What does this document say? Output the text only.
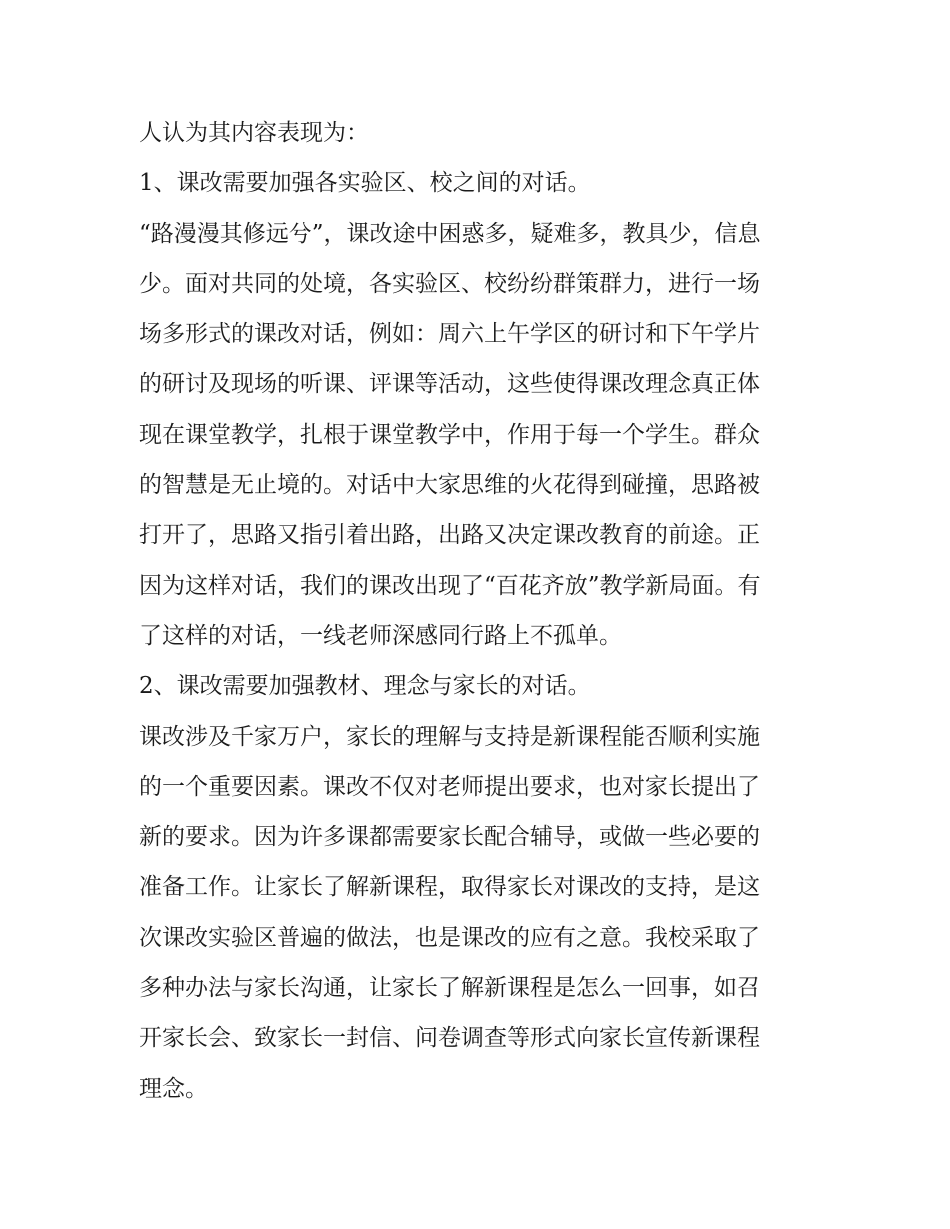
人认为其内容表现为：
1、课改需要加强各实验区、校之间的对话。
“路漫漫其修远兮”，课改途中困惑多，疑难多，教具少，信息
少。面对共同的处境，各实验区、校纷纷群策群力，进行一场
场多形式的课改对话，例如：周六上午学区的研讨和下午学片
的研讨及现场的听课、评课等活动，这些使得课改理念真正体
现在课堂教学，扎根于课堂教学中，作用于每一个学生。群众
的智慧是无止境的。对话中大家思维的火花得到碰撞，思路被
打开了，思路又指引着出路，出路又决定课改教育的前途。正
因为这样对话，我们的课改出现了“百花齐放”教学新局面。有
了这样的对话，一线老师深感同行路上不孤单。
2、课改需要加强教材、理念与家长的对话。
课改涉及千家万户，家长的理解与支持是新课程能否顺利实施
的一个重要因素。课改不仅对老师提出要求，也对家长提出了
新的要求。因为许多课都需要家长配合辅导，或做一些必要的
准备工作。让家长了解新课程，取得家长对课改的支持，是这
次课改实验区普遍的做法，也是课改的应有之意。我校采取了
多种办法与家长沟通，让家长了解新课程是怎么一回事，如召
开家长会、致家长一封信、问卷调查等形式向家长宣传新课程
理念。
